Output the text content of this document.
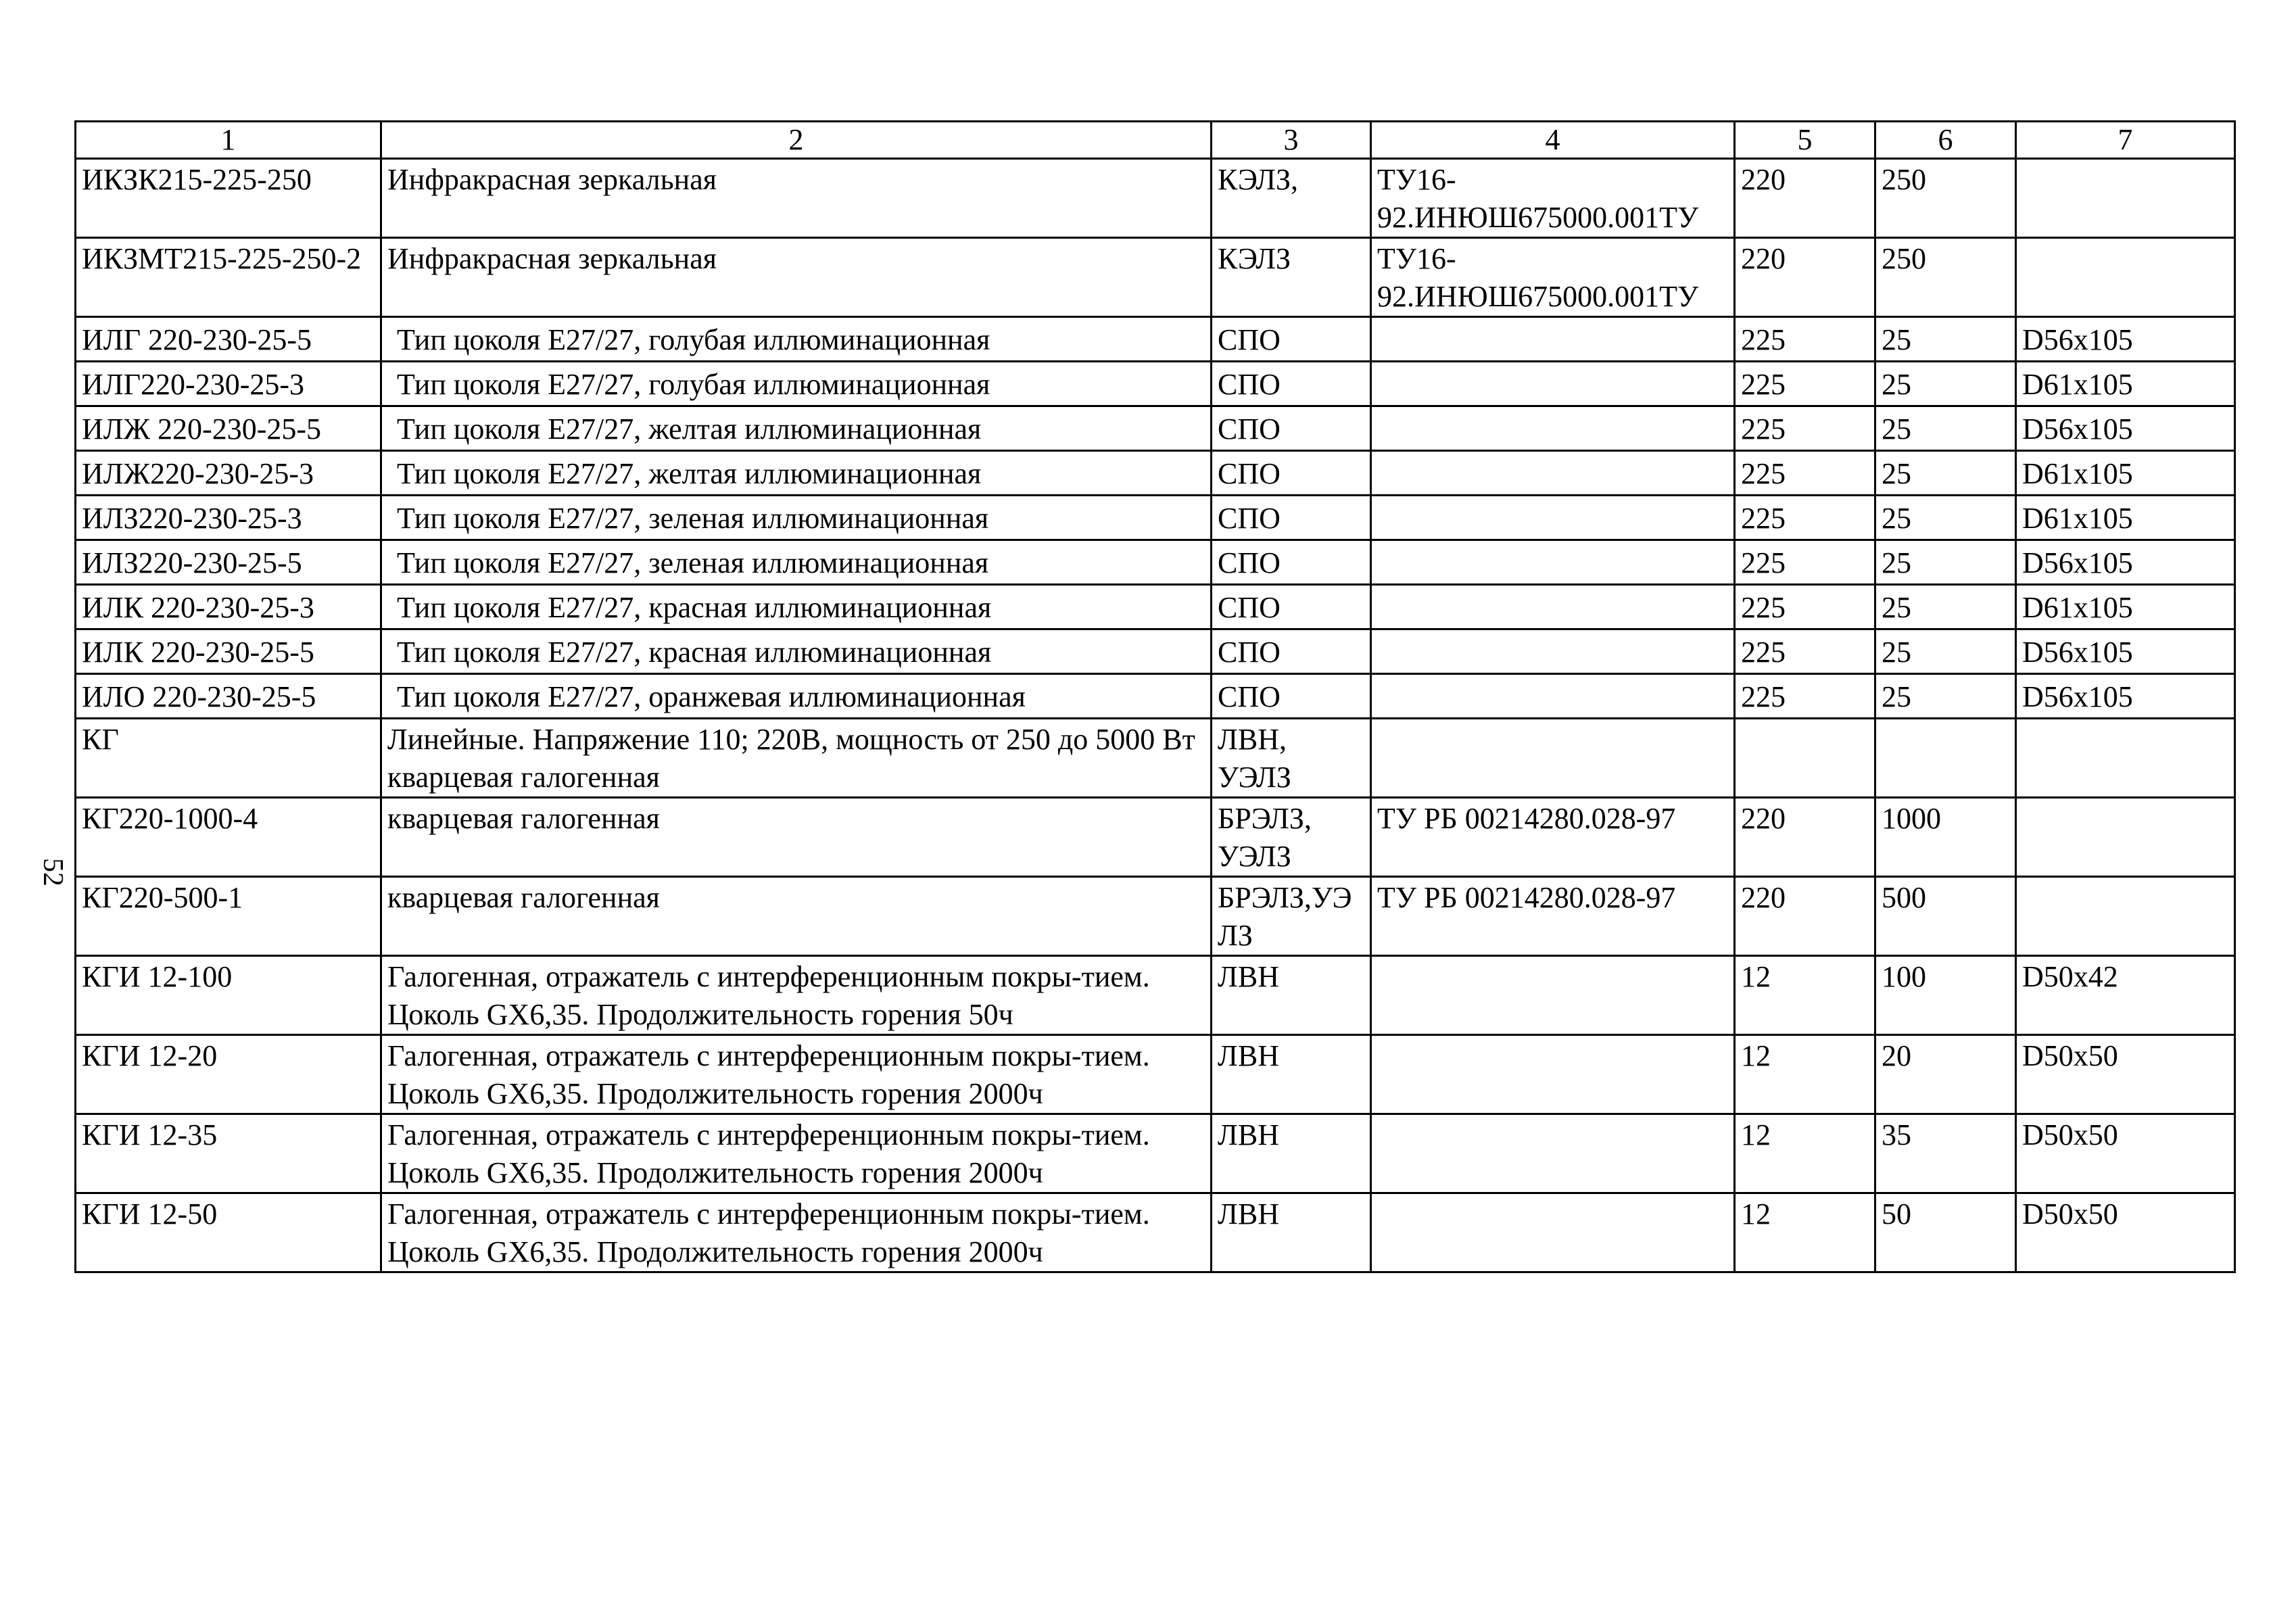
52
1	2	3	4	5	6	7
ИКЗК215-225-250	Инфракрасная зеркальная	КЭЛЗ,	ТУ16-92.ИНЮШ675000.001ТУ	220	250	
ИКЗМТ215-225-250-2	Инфракрасная зеркальная	КЭЛЗ	ТУ16-92.ИНЮШ675000.001ТУ	220	250	
ИЛГ 220-230-25-5	Тип цоколя Е27/27, голубая иллюминационная	СПО		225	25	D56x105
ИЛГ220-230-25-3	Тип цоколя Е27/27, голубая иллюминационная	СПО		225	25	D61x105
ИЛЖ 220-230-25-5	Тип цоколя Е27/27, желтая иллюминационная	СПО		225	25	D56x105
ИЛЖ220-230-25-3	Тип цоколя Е27/27, желтая иллюминационная	СПО		225	25	D61x105
ИЛЗ220-230-25-3	Тип цоколя Е27/27, зеленая иллюминационная	СПО		225	25	D61x105
ИЛЗ220-230-25-5	Тип цоколя Е27/27, зеленая иллюминационная	СПО		225	25	D56x105
ИЛК 220-230-25-3	Тип цоколя Е27/27, красная иллюминационная	СПО		225	25	D61x105
ИЛК 220-230-25-5	Тип цоколя Е27/27, красная иллюминационная	СПО		225	25	D56x105
ИЛО 220-230-25-5	Тип цоколя Е27/27, оранжевая иллюминационная	СПО		225	25	D56x105
КГ	Линейные. Напряжение 110; 220В, мощность от 250 до 5000 Вт кварцевая галогенная	ЛВН, УЭЛЗ				
КГ220-1000-4	кварцевая галогенная	БРЭЛЗ, УЭЛЗ	ТУ РБ 00214280.028-97	220	1000	
КГ220-500-1	кварцевая галогенная	БРЭЛЗ,УЭЛЗ	ТУ РБ 00214280.028-97	220	500	
КГИ 12-100	Галогенная, отражатель с интерференционным покры-тием. Цоколь GX6,35. Продолжительность горения 50ч	ЛВН		12	100	D50x42
КГИ 12-20	Галогенная, отражатель с интерференционным покры-тием. Цоколь GX6,35. Продолжительность горения 2000ч	ЛВН		12	20	D50x50
КГИ 12-35	Галогенная, отражатель с интерференционным покры-тием. Цоколь GX6,35. Продолжительность горения 2000ч	ЛВН		12	35	D50x50
КГИ 12-50	Галогенная, отражатель с интерференционным покры-тием. Цоколь GX6,35. Продолжительность горения 2000ч	ЛВН		12	50	D50x50
